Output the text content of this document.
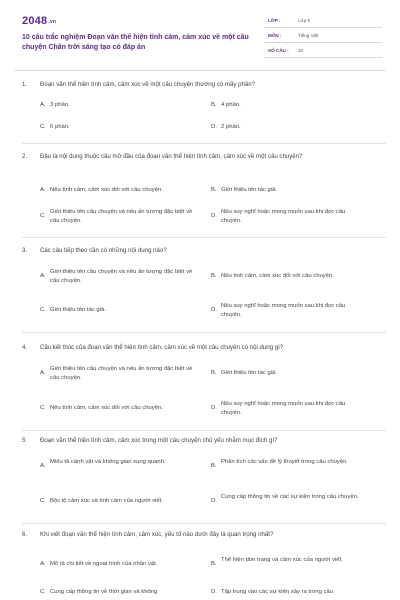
2048.vn
10 câu trắc nghiệm Đoạn văn thể hiện tình cảm, cảm xúc về một câu chuyện Chân trời sáng tạo có đáp án
LỚP :	Lớp 5
MÔN :	Tiếng Việt
SỐ CÂU : 10
1.	Đoạn văn thể hiện tình cảm, cảm xúc về một câu chuyện thường có mấy phần?
A. 3 phần.	B. 4 phần.
C. 6 phần.	D. 2 phần.
2.	Đâu là nội dung thuộc câu mở đầu của đoạn văn thể hiện tình cảm, cảm xúc về một câu chuyện?
A. Nêu tình cảm, cảm xúc đối với câu chuyện.	B. Giới thiệu tên tác giả.
C.
Giới thiệu tên câu chuyện và nêu ấn tượng đặc biệt về câu chuyện.
D.
Nêu suy nghĩ hoặc mong muốn sau khi đọc câu chuyện.
3.	Các câu tiếp theo cần có những nội dung nào?
A.
Giới thiệu tên câu chuyện và nêu ấn tượng đặc biệt về câu chuyện.
B. Nêu tình cảm, cảm xúc đối với câu chuyện.
C. Giới thiệu tên tác giả.	D.
Nêu suy nghĩ hoặc mong muốn sau khi đọc câu chuyện.
4.	Câu kết thúc của đoạn văn thể hiện tình cảm, cảm xúc về một câu chuyện có nội dung gì?
A.
Giới thiệu tên câu chuyện và nêu ấn tượng đặc biệt về câu chuyện.
B. Giới thiệu tên tác giả.
C. Nêu tình cảm, cảm xúc đối với câu chuyện.	D.
Nêu suy nghĩ hoặc mong muốn sau khi đọc câu chuyện.
5.	Đoạn văn thể hiện tình cảm, cảm xúc trong một câu chuyện chủ yếu nhằm mục đích gì?
A.
Miêu tả cảnh vật và không gian xung quanh.
B.
Phân tích các vấn đề lý thuyết trong câu chuyện.
C. Bộc lộ cảm xúc và tình cảm của người viết.	D.
Cung cấp thông tin về các sự kiện trong câu chuyện.
6.	Khi viết đoạn văn thể hiện tình cảm, cảm xúc, yếu tố nào dưới đây là quan trọng nhất?
A. Mô tả chi tiết về ngoại hình của nhân vật.	B.
Thể hiện tâm trạng và cảm xúc của người viết.
C. Cung cấp thông tin về thời gian và không	D. Tập trung vào các sự kiện xảy ra trong câu
